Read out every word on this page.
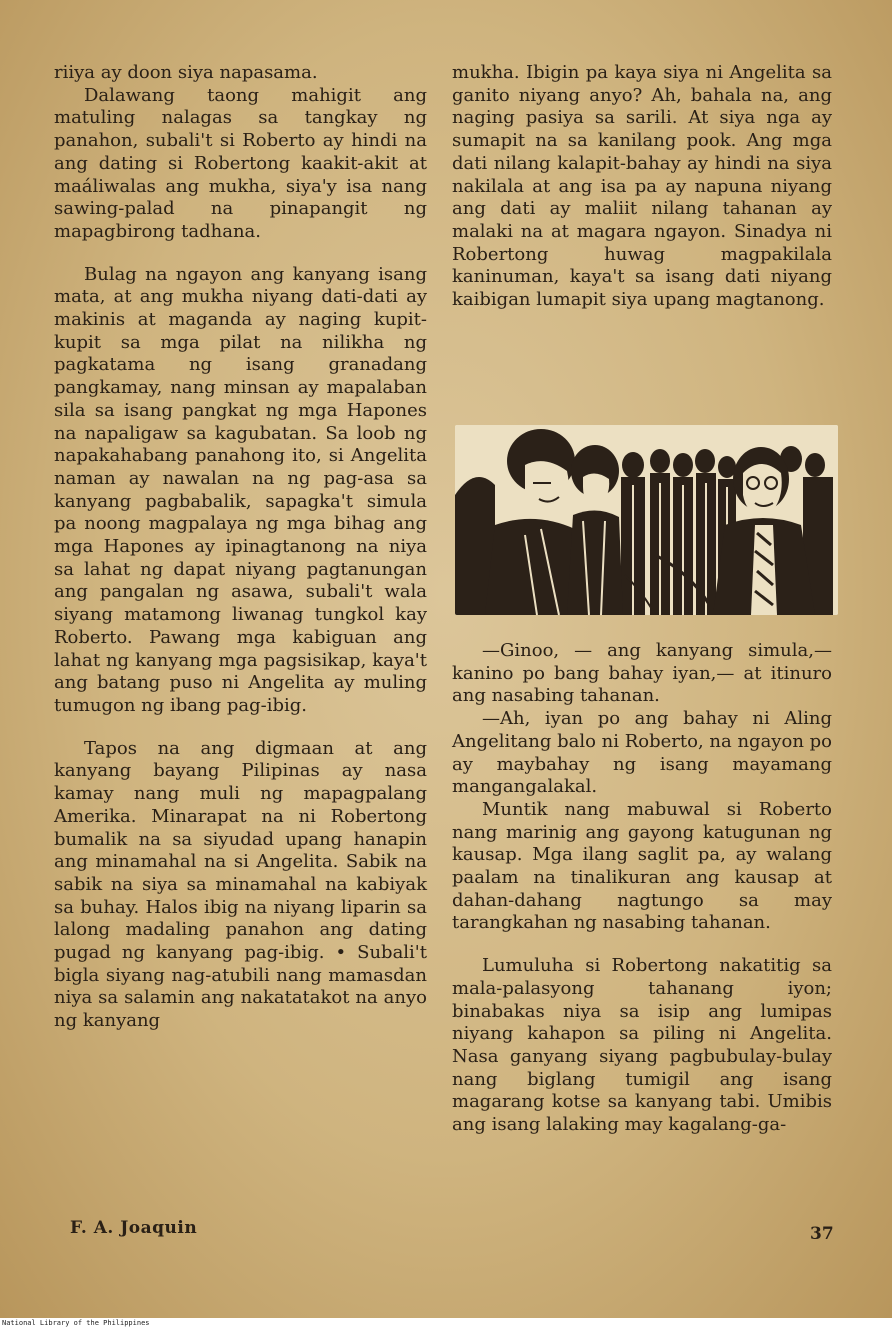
riiya ay doon siya napasama.

Dalawang taong mahigit ang matuling nalagas sa tangkay ng panahon, subali't si Roberto ay hindi na ang dating si Robertong kaakit-akit at maáliwalas ang mukha, siya'y isa nang sawing-palad na pinapangit ng mapagbirong tadhana.

Bulag na ngayon ang kanyang isang mata, at ang mukha niyang dati-dati ay makinis at maganda ay naging kupit-kupit sa mga pilat na nilikha ng pagkatama ng isang granadang pangkamay, nang minsan ay mapalaban sila sa isang pangkat ng mga Hapones na napaligaw sa kagubatan. Sa loob ng napakahabang panahong ito, si Angelita naman ay nawalan na ng pag-asa sa kanyang pagbabalik, sapagka't simula pa noong magpalaya ng mga bihag ang mga Hapones ay ipinagtanong na niya sa lahat ng dapat niyang pagtanungan ang pangalan ng asawa, subali't wala siyang matamong liwanag tungkol kay Roberto. Pawang mga kabiguan ang lahat ng kanyang mga pagsisikap, kaya't ang batang puso ni Angelita ay muling tumugon ng ibang pag-ibig.

Tapos na ang digmaan at ang kanyang bayang Pilipinas ay nasa kamay nang muli ng mapagpalang Amerika. Minarapat na ni Robertong bumalik na sa siyudad upang hanapin ang minamahal na si Angelita. Sabik na sabik na siya sa minamahal na kabiyak sa buhay. Halos ibig na niyang liparin sa lalong madaling panahon ang dating pugad ng kanyang pag-ibig. • Subali't bigla siyang nag-atubili nang mamasdan niya sa salamin ang nakatatakot na anyo ng kanyang

mukha. Ibigin pa kaya siya ni Angelita sa ganito niyang anyo? Ah, bahala na, ang naging pasiya sa sarili. At siya nga ay sumapit na sa kanilang pook. Ang mga dati nilang kalapit-bahay ay hindi na siya nakilala at ang isa pa ay napuna niyang ang dati ay maliit nilang tahanan ay malaki na at magara ngayon. Sinadya ni Robertong huwag magpakilala kaninuman, kaya't sa isang dati niyang kaibigan lumapit siya upang magtanong.

—Ginoo, — ang kanyang simula,—kanino po bang bahay iyan,— at itinuro ang nasabing tahanan.

—Ah, iyan po ang bahay ni Aling Angelitang balo ni Roberto, na ngayon po ay maybahay ng isang mayamang mangangalakal.

Muntik nang mabuwal si Roberto nang marinig ang gayong katugunan ng kausap. Mga ilang saglit pa, ay walang paalam na tinalikuran ang kausap at dahan-dahang nagtungo sa may tarangkahan ng nasabing tahanan.

Lumuluha si Robertong nakatitig sa mala-palasyong tahanang iyon; binabakas niya sa isip ang lumipas niyang kahapon sa piling ni Angelita. Nasa ganyang siyang pagbubulay-bulay nang biglang tumigil ang isang magarang kotse sa kanyang tabi. Umibis ang isang lalaking may kagalang-ga-

F. A. Joaquin	37
National Library of the Philippines
